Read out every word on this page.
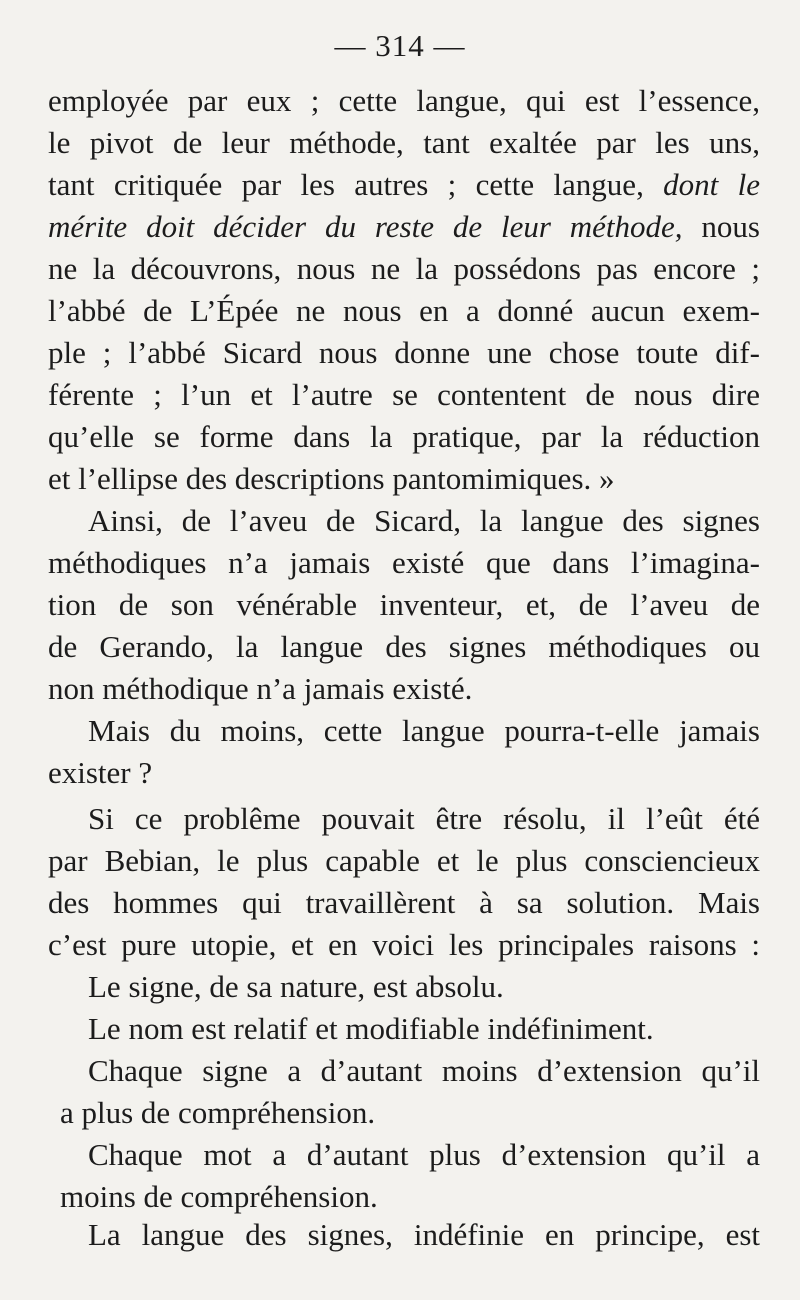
— 314 —
employée par eux ; cette langue, qui est l’essence,
le pivot de leur méthode, tant exaltée par les uns,
tant critiquée par les autres ; cette langue, dont le
mérite doit décider du reste de leur méthode, nous
ne la découvrons, nous ne la possédons pas encore ;
l’abbé de L’Épée ne nous en a donné aucun exem-
ple ; l’abbé Sicard nous donne une chose toute dif-
férente ; l’un et l’autre se contentent de nous dire
qu’elle se forme dans la pratique, par la réduction
et l’ellipse des descriptions pantomimiques. »
Ainsi, de l’aveu de Sicard, la langue des signes
méthodiques n’a jamais existé que dans l’imagina-
tion de son vénérable inventeur, et, de l’aveu de
de Gerando, la langue des signes méthodiques ou
non méthodique n’a jamais existé.
Mais du moins, cette langue pourra-t-elle jamais
exister ?
Si ce problême pouvait être résolu, il l’eût été
par Bebian, le plus capable et le plus consciencieux
des hommes qui travaillèrent à sa solution. Mais
c’est pure utopie, et en voici les principales raisons :
Le signe, de sa nature, est absolu.
Le nom est relatif et modifiable indéfiniment.
Chaque signe a d’autant moins d’extension qu’il
a plus de compréhension.
Chaque mot a d’autant plus d’extension qu’il a
moins de compréhension.
La langue des signes, indéfinie en principe, est
